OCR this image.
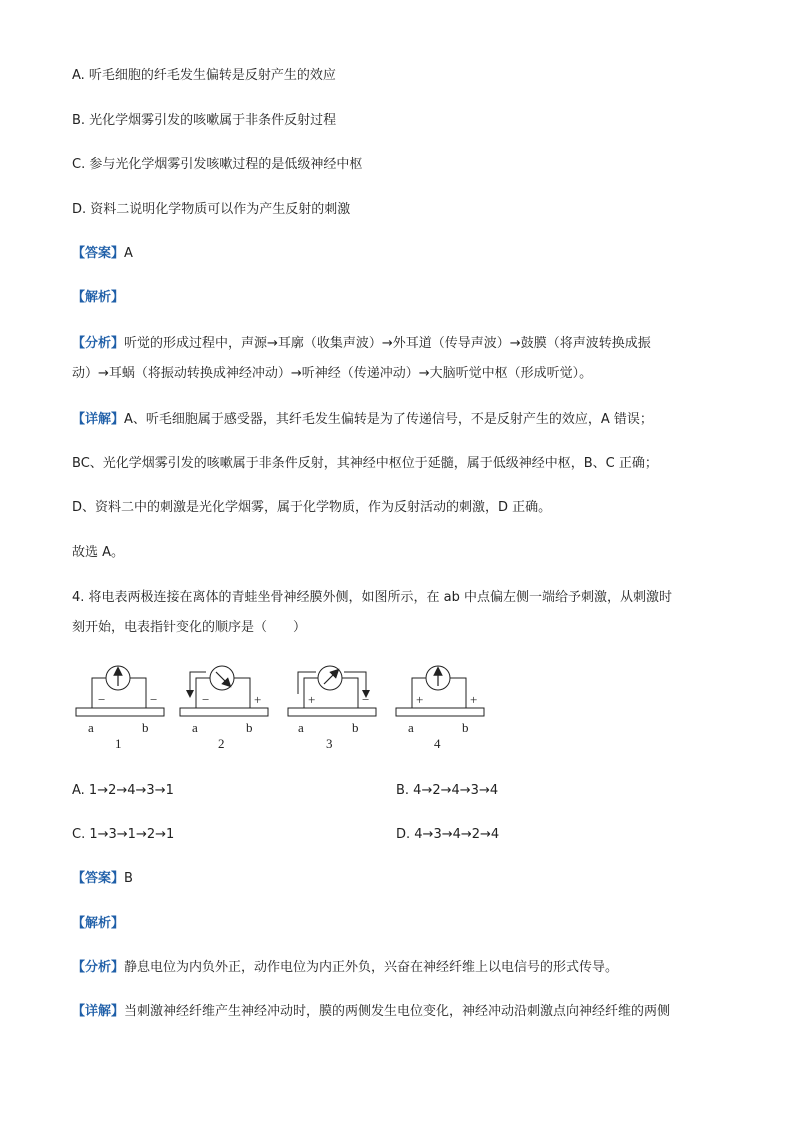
A. 听毛细胞的纤毛发生偏转是反射产生的效应
B. 光化学烟雾引发的咳嗽属于非条件反射过程
C. 参与光化学烟雾引发咳嗽过程的是低级神经中枢
D. 资料二说明化学物质可以作为产生反射的刺激
【答案】A
【解析】
【分析】听觉的形成过程中，声源→耳廓（收集声波）→外耳道（传导声波）→鼓膜（将声波转换成振
动）→耳蜗（将振动转换成神经冲动）→听神经（传递冲动）→大脑听觉中枢（形成听觉）。
【详解】A、听毛细胞属于感受器，其纤毛发生偏转是为了传递信号，不是反射产生的效应，A 错误；
BC、光化学烟雾引发的咳嗽属于非条件反射，其神经中枢位于延髓，属于低级神经中枢，B、C 正确；
D、资料二中的刺激是光化学烟雾，属于化学物质，作为反射活动的刺激，D 正确。
故选 A。
4. 将电表两极连接在离体的青蛙坐骨神经膜外侧，如图所示，在 ab 中点偏左侧一端给予刺激，从刺激时
刻开始，电表指针变化的顺序是（　　）
−	−
a	b
1
−	+
a	b
2
+	−
a	b
3
+	+
a	b
4
A. 1→2→4→3→1	B. 4→2→4→3→4
C. 1→3→1→2→1	D. 4→3→4→2→4
【答案】B
【解析】
【分析】静息电位为内负外正，动作电位为内正外负，兴奋在神经纤维上以电信号的形式传导。
【详解】当刺激神经纤维产生神经冲动时，膜的两侧发生电位变化，神经冲动沿刺激点向神经纤维的两侧
